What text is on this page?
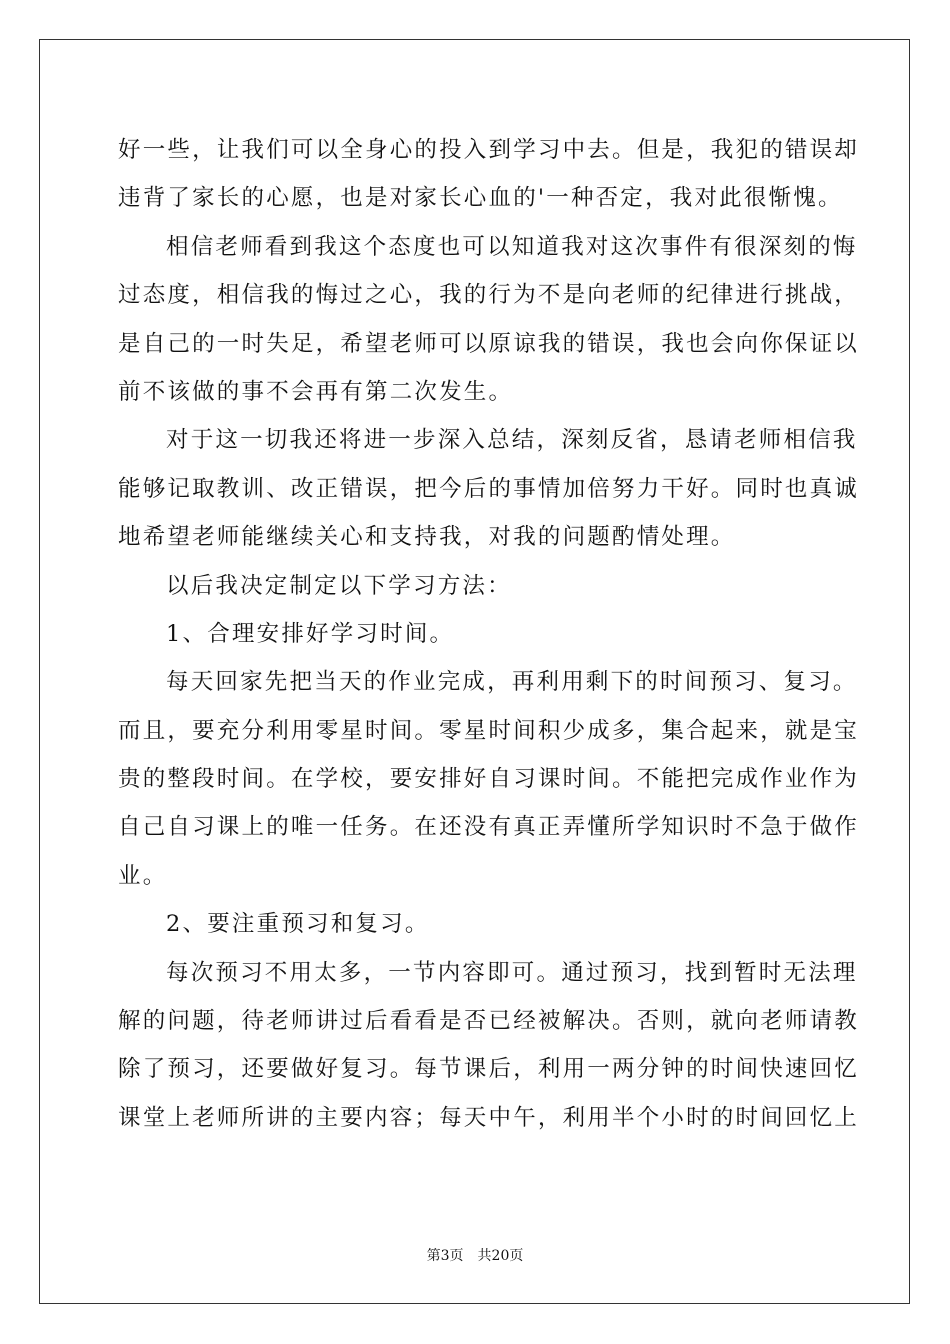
好一些，让我们可以全身心的投入到学习中去。但是，我犯的错误却
违背了家长的心愿，也是对家长心血的'一种否定，我对此很惭愧。
相信老师看到我这个态度也可以知道我对这次事件有很深刻的悔
过态度，相信我的悔过之心，我的行为不是向老师的纪律进行挑战，
是自己的一时失足，希望老师可以原谅我的错误，我也会向你保证以
前不该做的事不会再有第二次发生。
对于这一切我还将进一步深入总结，深刻反省，恳请老师相信我
能够记取教训、改正错误，把今后的事情加倍努力干好。同时也真诚
地希望老师能继续关心和支持我，对我的问题酌情处理。
以后我决定制定以下学习方法：
1、合理安排好学习时间。
每天回家先把当天的作业完成，再利用剩下的时间预习、复习。
而且，要充分利用零星时间。零星时间积少成多，集合起来，就是宝
贵的整段时间。在学校，要安排好自习课时间。不能把完成作业作为
自己自习课上的唯一任务。在还没有真正弄懂所学知识时不急于做作
业。
2、要注重预习和复习。
每次预习不用太多，一节内容即可。通过预习，找到暂时无法理
解的问题，待老师讲过后看看是否已经被解决。否则，就向老师请教
除了预习，还要做好复习。每节课后，利用一两分钟的时间快速回忆
课堂上老师所讲的主要内容；每天中午，利用半个小时的时间回忆上
第3页　共20页
